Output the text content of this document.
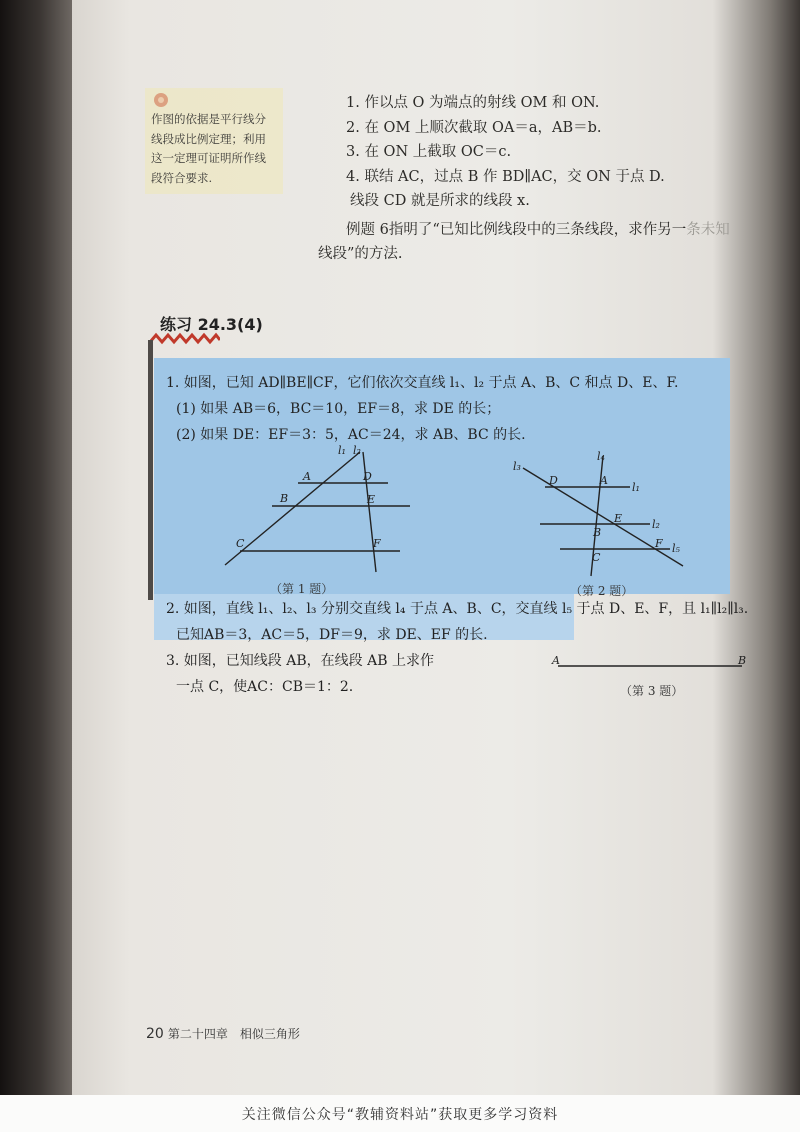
作图的依据是平行线分线段成比例定理；利用这一定理可证明所作线段符合要求.
1. 作以点 O 为端点的射线 OM 和 ON.
2. 在 OM 上顺次截取 OA＝a，AB＝b.
3. 在 ON 上截取 OC＝c.
4. 联结 AC，过点 B 作 BD∥AC，交 ON 于点 D.
线段 CD 就是所求的线段 x.
例题 6指明了“已知比例线段中的三条线段，求作另一条未知
线段”的方法.
练习 24.3(4)
1. 如图，已知 AD∥BE∥CF，它们依次交直线 l₁、l₂ 于点 A、B、C 和点 D、E、F.
(1) 如果 AB＝6，BC＝10，EF＝8，求 DE 的长；
(2) 如果 DE：EF＝3：5，AC＝24，求 AB、BC 的长.
l₁ l₂
A
B
C
D
E
F
（第 1 题）
l₃
l₄
l₁
l₂
l₅
A
B
C
D
E
F
（第 2 题）
2. 如图，直线 l₁、l₂、l₃ 分别交直线 l₄ 于点 A、B、C，交直线 l₅ 于点 D、E、F，且 l₁∥l₂∥l₃.
已知AB＝3，AC＝5，DF＝9，求 DE、EF 的长.
3. 如图，已知线段 AB，在线段 AB 上求作
一点 C，使AC：CB＝1：2.
A	B
（第 3 题）
20 第二十四章　相似三角形
关注微信公众号“教辅资料站”获取更多学习资料
